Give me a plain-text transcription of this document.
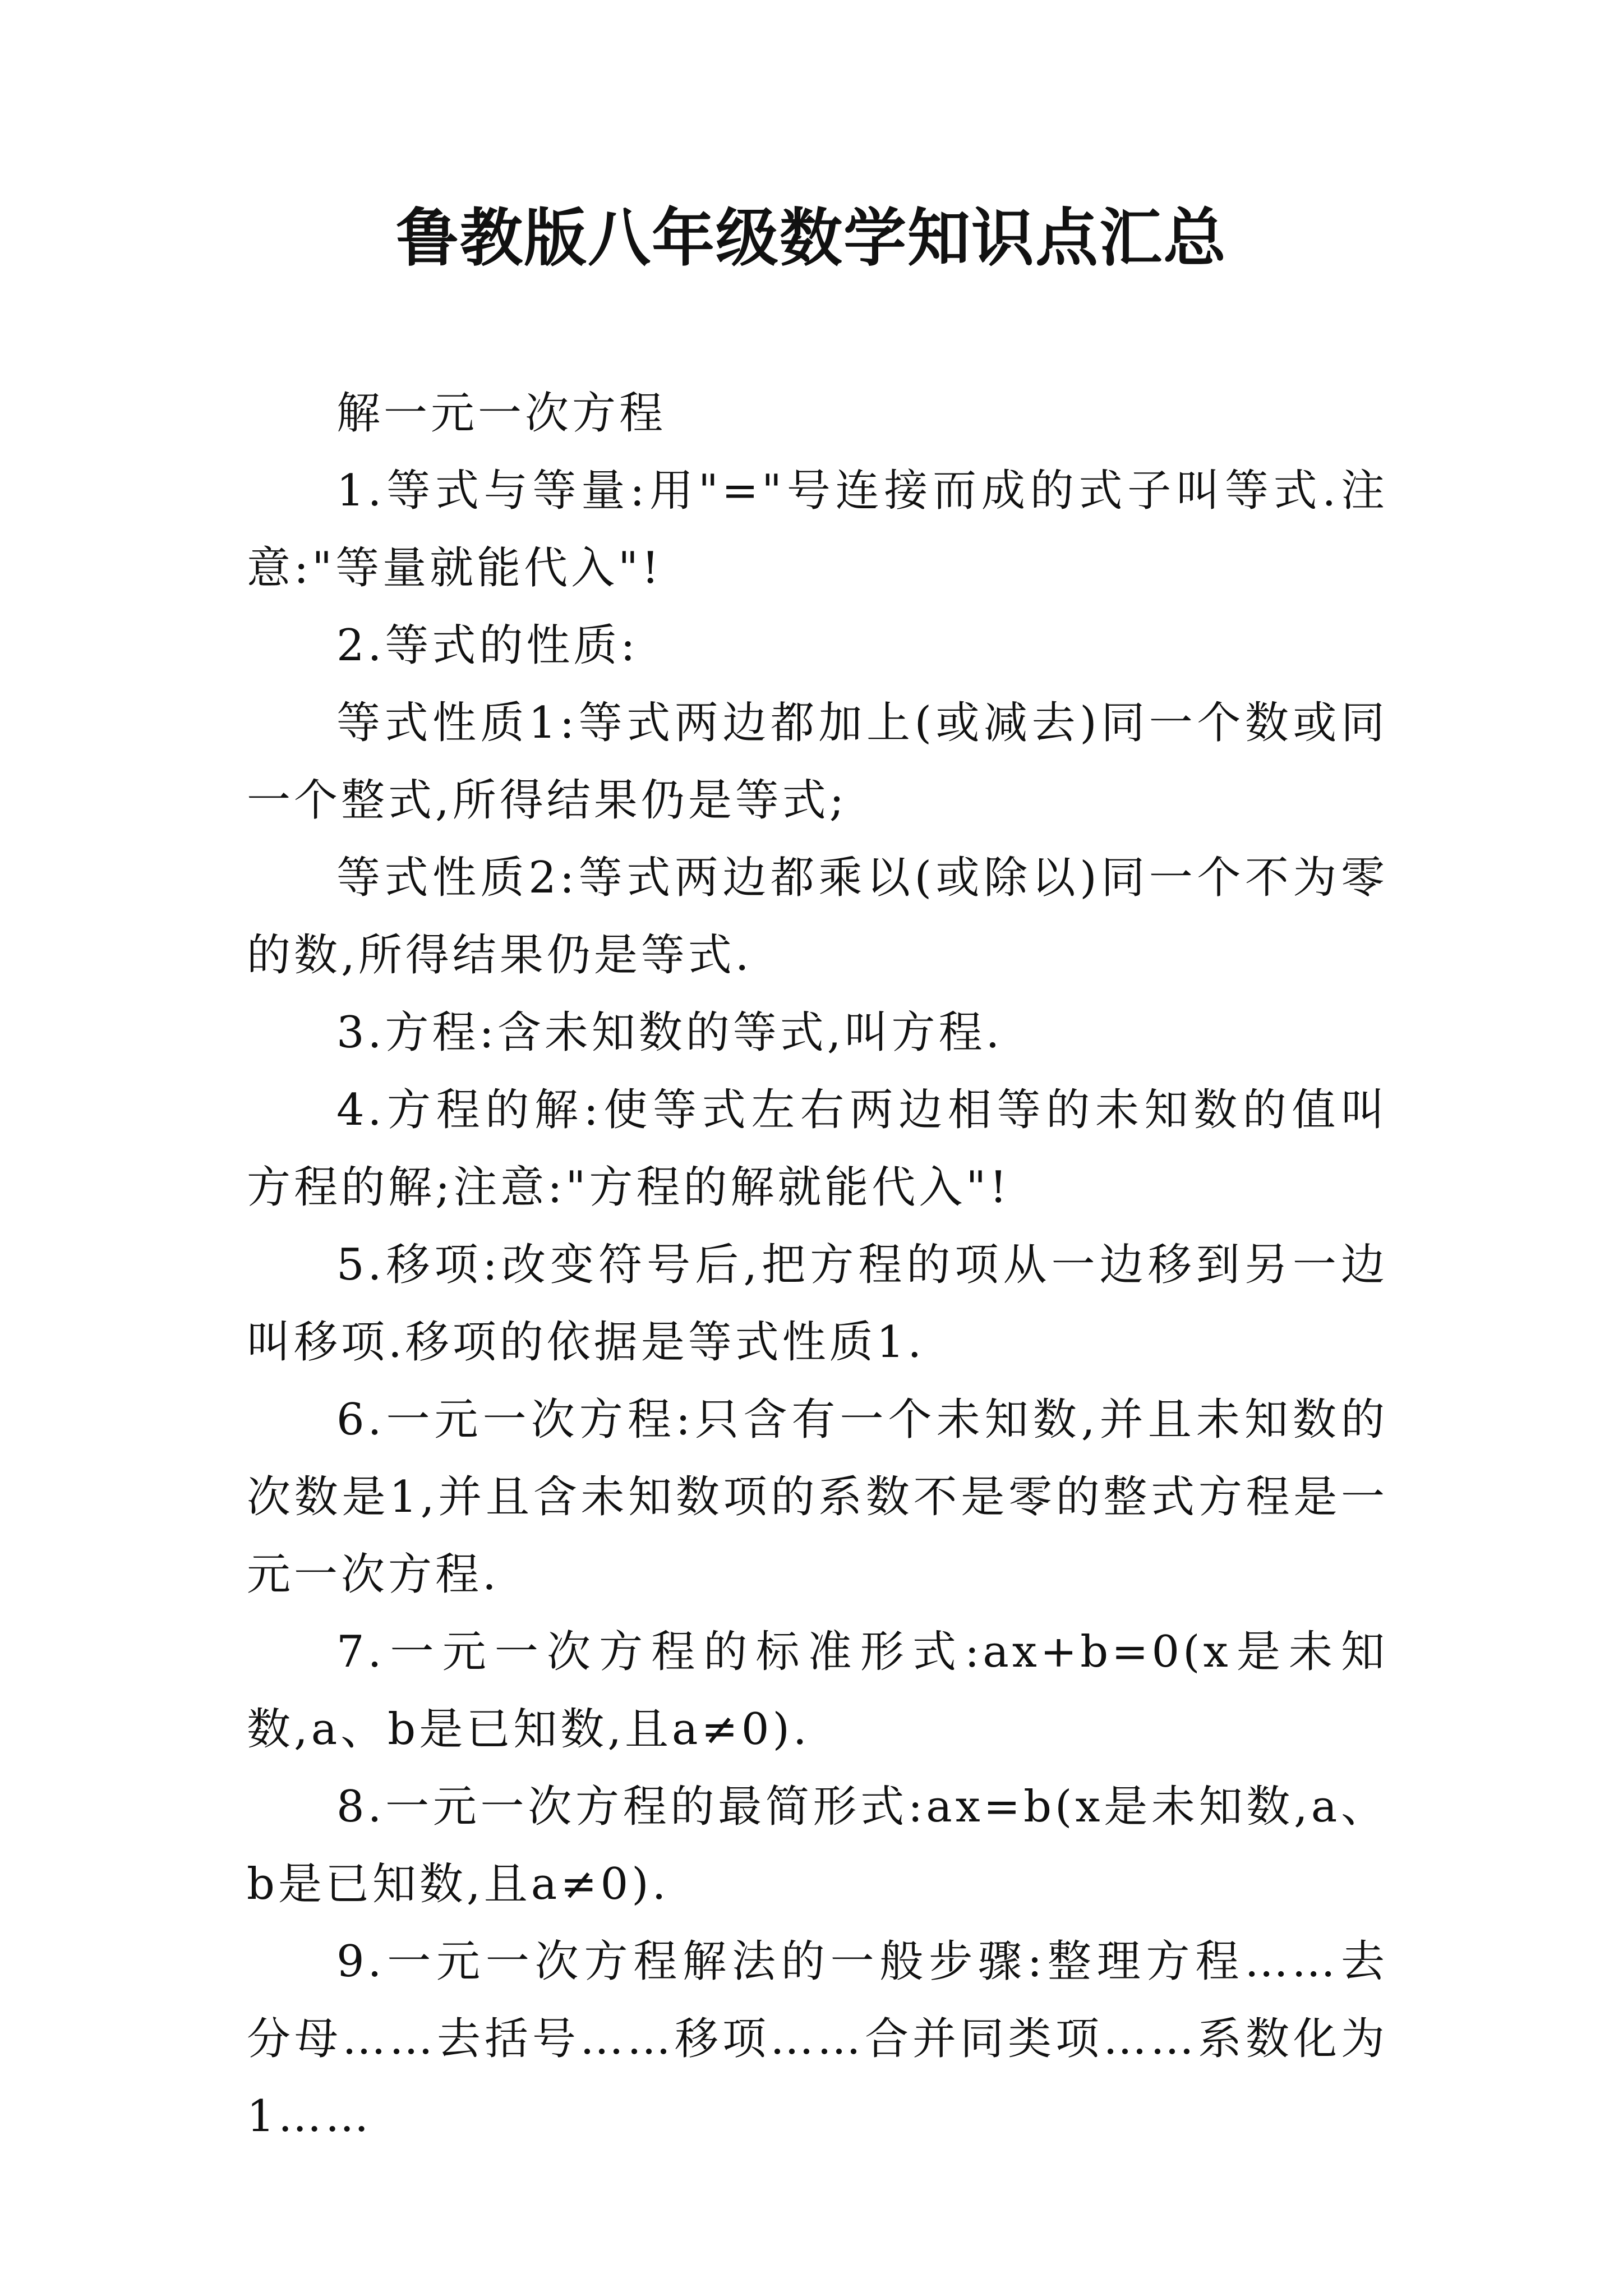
鲁教版八年级数学知识点汇总

解一元一次方程

1.等式与等量:用"="号连接而成的式子叫等式.注意:"等量就能代入"!

2.等式的性质:

等式性质1:等式两边都加上(或减去)同一个数或同一个整式,所得结果仍是等式;

等式性质2:等式两边都乘以(或除以)同一个不为零的数,所得结果仍是等式.

3.方程:含未知数的等式,叫方程.

4.方程的解:使等式左右两边相等的未知数的值叫方程的解;注意:"方程的解就能代入"!

5.移项:改变符号后,把方程的项从一边移到另一边叫移项.移项的依据是等式性质1.

6.一元一次方程:只含有一个未知数,并且未知数的次数是1,并且含未知数项的系数不是零的整式方程是一元一次方程.

7.一元一次方程的标准形式:ax+b=0(x是未知数,a、b是已知数,且a≠0).

8.一元一次方程的最简形式:ax=b(x是未知数,a、b是已知数,且a≠0).

9.一元一次方程解法的一般步骤:整理方程……去分母……去括号……移项……合并同类项……系数化为1……
